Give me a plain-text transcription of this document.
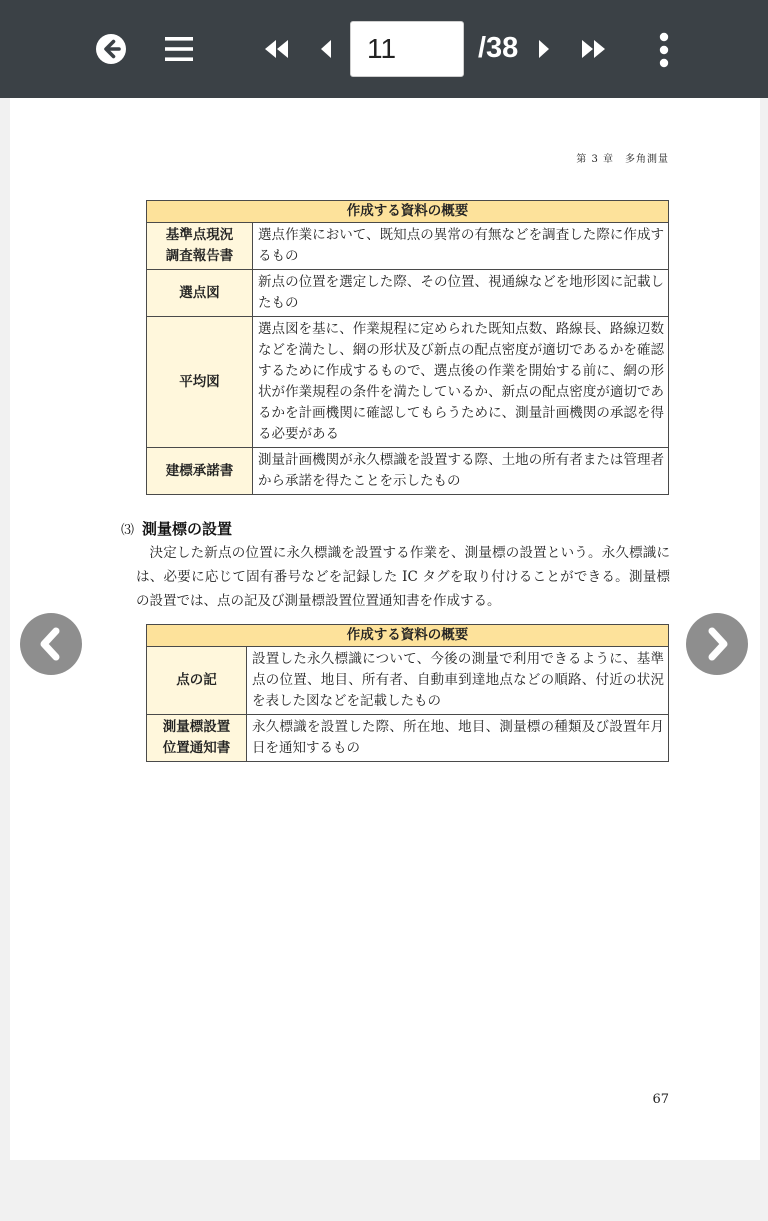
11
/38
第 3 章　多角測量
作成する資料の概要	
基準点現況
調査報告書	選点作業において、既知点の異常の有無などを調査した際に作成するもの
選点図	新点の位置を選定した際、その位置、視通線などを地形図に記載したもの
平均図	選点図を基に、作業規程に定められた既知点数、路線長、路線辺数などを満たし、網の形状及び新点の配点密度が適切であるかを確認するために作成するもので、選点後の作業を開始する前に、網の形状が作業規程の条件を満たしているか、新点の配点密度が適切であるかを計画機関に確認してもらうために、測量計画機関の承認を得る必要がある
建標承諾書	測量計画機関が永久標識を設置する際、土地の所有者または管理者から承諾を得たことを示したもの
⑶ 測量標の設置

決定した新点の位置に永久標識を設置する作業を、測量標の設置という。永久標識には、必要に応じて固有番号などを記録した IC タグを取り付けることができる。測量標の設置では、点の記及び測量標設置位置通知書を作成する。

作成する資料の概要	
点の記	設置した永久標識について、今後の測量で利用できるように、基準点の位置、地目、所有者、自動車到達地点などの順路、付近の状況を表した図などを記載したもの
測量標設置
位置通知書	永久標識を設置した際、所在地、地目、測量標の種類及び設置年月日を通知するもの
67
